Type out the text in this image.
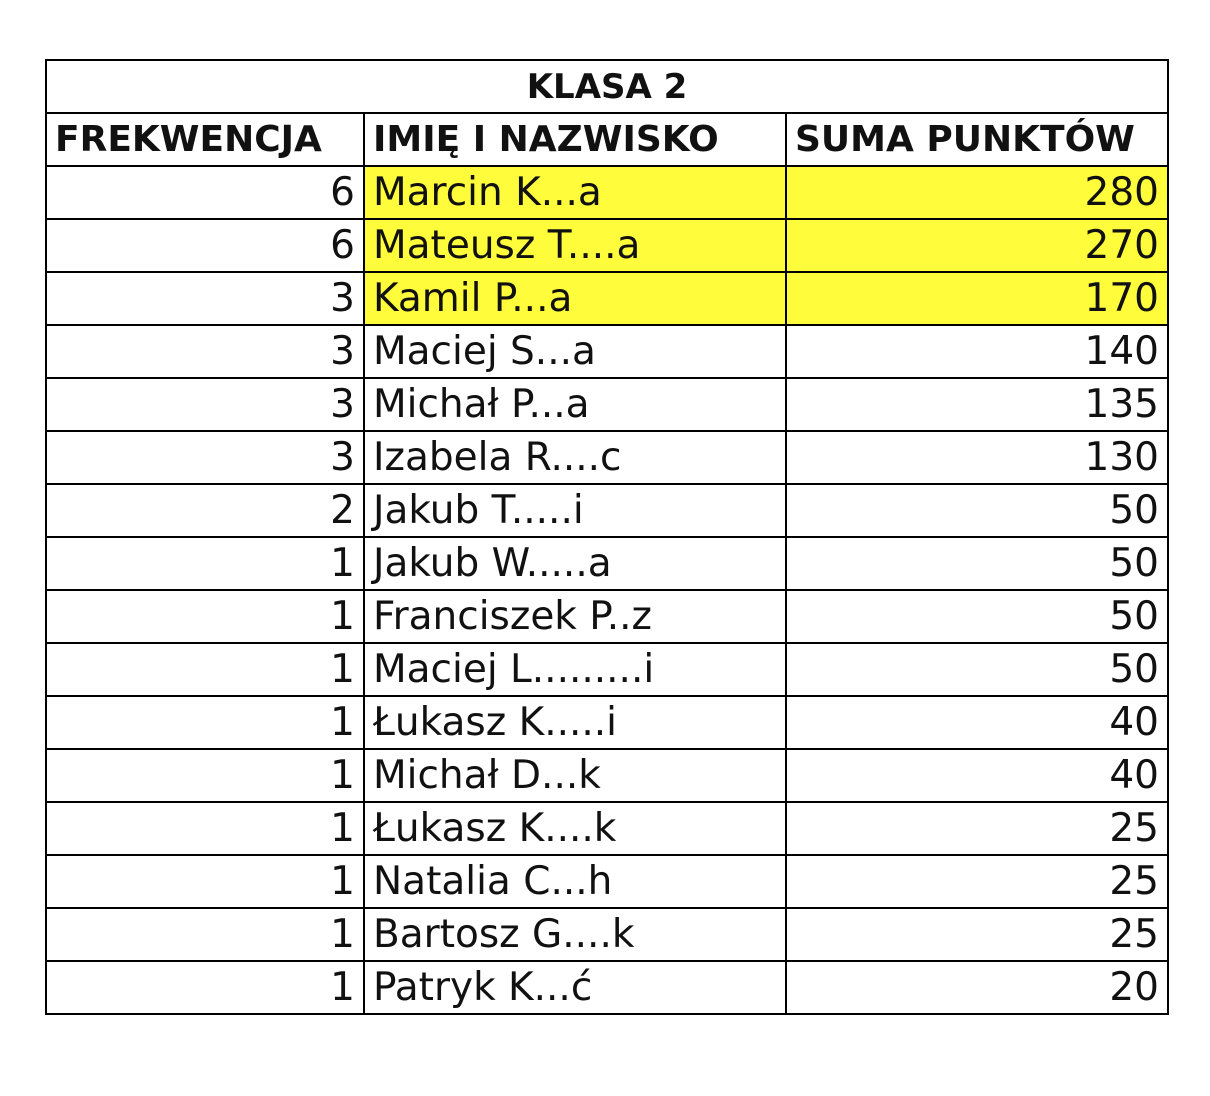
KLASA 2		
FREKWENCJA	IMIĘ I NAZWISKO	SUMA PUNKTÓW
6	Marcin K...a	280
6	Mateusz T....a	270
3	Kamil P...a	170
3	Maciej S...a	140
3	Michał P...a	135
3	Izabela R....c	130
2	Jakub T.....i	50
1	Jakub W.....a	50
1	Franciszek P..z	50
1	Maciej L.........i	50
1	Łukasz K.....i	40
1	Michał D...k	40
1	Łukasz K....k	25
1	Natalia C...h	25
1	Bartosz G....k	25
1	Patryk K...ć	20
